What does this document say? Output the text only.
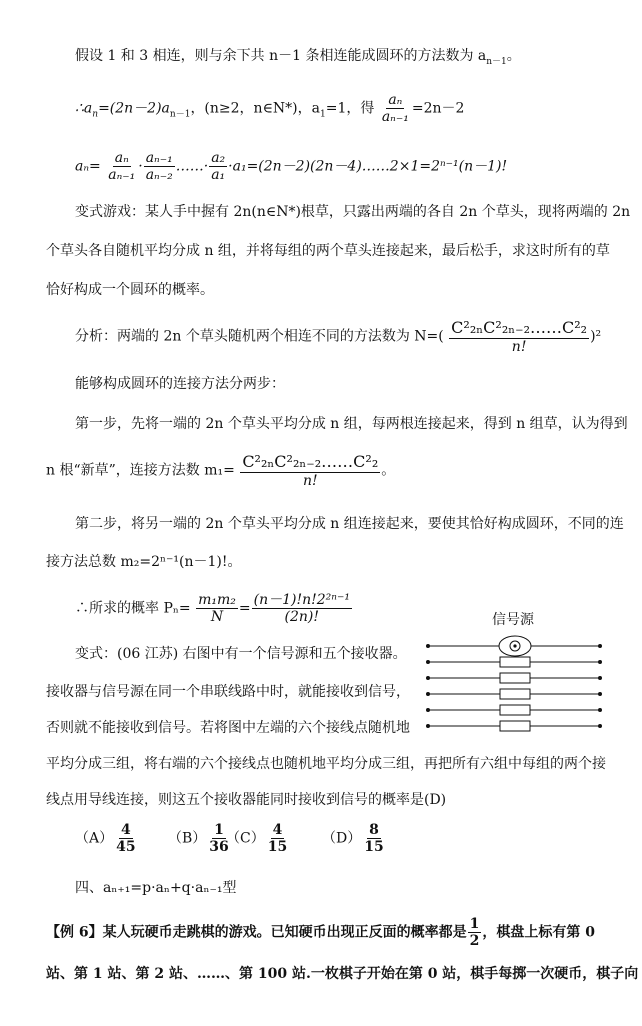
假设 1 和 3 相连，则与余下共 n－1 条相连能成圆环的方法数为 $a_{n-1}$。
$\therefore a_n=(2n-2)a_{n-1}$，(n≥2，n∈N*)，$a_1=1$，得 $\frac{\text{aₙ}}{\text{aₙ₋₁}} =2n-2$
$a_n= \frac{\text{aₙ}}{\text{aₙ₋₁}} \cdot \frac{\text{aₙ₋₁}}{\text{aₙ₋₂}}$ ……· $\frac{\text{a₂}}{\text{a₁}}$ ·a₁=(2n－2)(2n－4)……2×1=2ⁿ⁻¹(n－1)!
变式游戏：某人手中握有 2n(n∈N*)根草，只露出两端的各自 2n 个草头，现将两端的 2n
个草头各自随机平均分成 n 组，并将每组的两个草头连接起来，最后松手，求这时所有的草
恰好构成一个圆环的概率。
分析：两端的 2n 个草头随机两个相连不同的方法数为 $N=( \frac{\text{C²₂ₙC²₂ₙ₋₂……C²₂}}{n!} )^2$
能够构成圆环的连接方法分两步：
第一步，先将一端的 2n 个草头平均分成 n 组，每两根连接起来，得到 n 组草，认为得到
n 根“新草”，连接方法数 $m_1= \frac{\text{C²₂ₙC²₂ₙ₋₂……C²₂}}{n!}$ 。
第二步，将另一端的 2n 个草头平均分成 n 组连接起来，要使其恰好构成圆环，不同的连
接方法总数 m₂=2ⁿ⁻¹(n－1)!。
∴所求的概率 $P_n= \frac{\text{m₁m₂}}{N} = \frac{\text{(n－1)!n!2²ⁿ⁻¹}}{(2n)!}$
变式：(06 江苏) 右图中有一个信号源和五个接收器。
接收器与信号源在同一个串联线路中时，就能接收到信号，
否则就不能接收到信号。若将图中左端的六个接线点随机地
平均分成三组，将右端的六个接线点也随机地平均分成三组，再把所有六组中每组的两个接
线点用导线连接，则这五个接收器能同时接收到信号的概率是(D)
信号源
$(A) \frac{4}{45} (B) \frac{1}{36}$
$(C) \frac{4}{15} (D) \frac{8}{15}$
四、aₙ₊₁=p·aₙ+q·aₙ₋₁型
【例 6】某人玩硬币走跳棋的游戏。已知硬币出现正反面的概率都是 $\frac{1}{2}$ ，棋盘上标有第 0
站、第 1 站、第 2 站、……、第 100 站.一枚棋子开始在第 0 站，棋手每掷一次硬币，棋子向
